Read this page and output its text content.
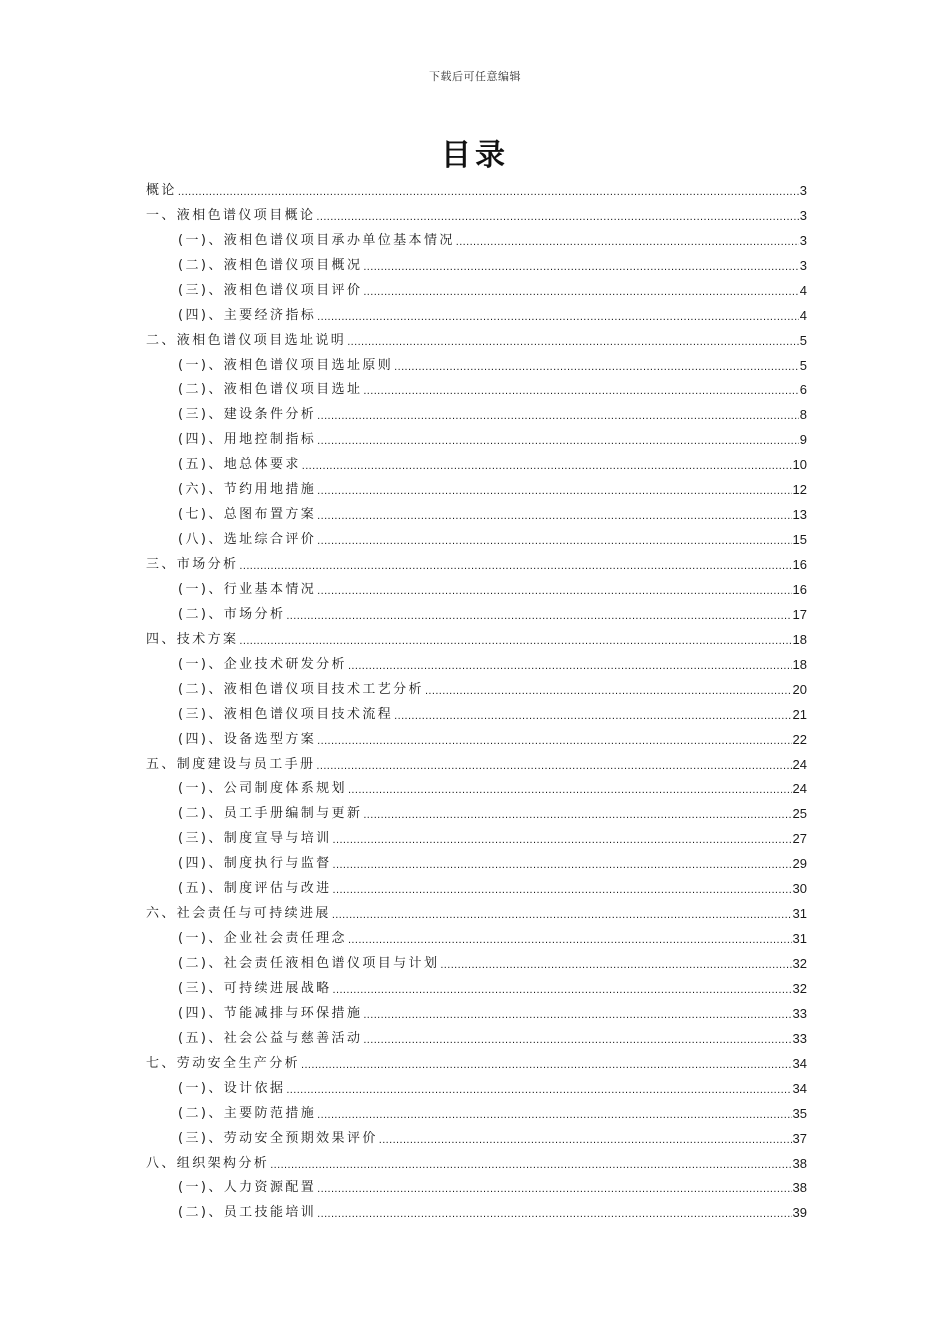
下载后可任意编辑
目录
概论 .....	3
一、液相色谱仪项目概论 .....	3
(一)、液相色谱仪项目承办单位基本情况 .....	3
(二)、液相色谱仪项目概况 .....	3
(三)、液相色谱仪项目评价 .....	4
(四)、主要经济指标 .....	4
二、液相色谱仪项目选址说明 .....	5
(一)、液相色谱仪项目选址原则 .....	5
(二)、液相色谱仪项目选址 .....	6
(三)、建设条件分析 .....	8
(四)、用地控制指标 .....	9
(五)、地总体要求 .....	10
(六)、节约用地措施 .....	12
(七)、总图布置方案 .....	13
(八)、选址综合评价 .....	15
三、市场分析 .....	16
(一)、行业基本情况 .....	16
(二)、市场分析 .....	17
四、技术方案 .....	18
(一)、企业技术研发分析 .....	18
(二)、液相色谱仪项目技术工艺分析 .....	20
(三)、液相色谱仪项目技术流程 .....	21
(四)、设备选型方案 .....	22
五、制度建设与员工手册 .....	24
(一)、公司制度体系规划 .....	24
(二)、员工手册编制与更新 .....	25
(三)、制度宣导与培训 .....	27
(四)、制度执行与监督 .....	29
(五)、制度评估与改进 .....	30
六、社会责任与可持续进展 .....	31
(一)、企业社会责任理念 .....	31
(二)、社会责任液相色谱仪项目与计划 .....	32
(三)、可持续进展战略 .....	32
(四)、节能减排与环保措施 .....	33
(五)、社会公益与慈善活动 .....	33
七、劳动安全生产分析 .....	34
(一)、设计依据 .....	34
(二)、主要防范措施 .....	35
(三)、劳动安全预期效果评价 .....	37
八、组织架构分析 .....	38
(一)、人力资源配置 .....	38
(二)、员工技能培训 .....	39
